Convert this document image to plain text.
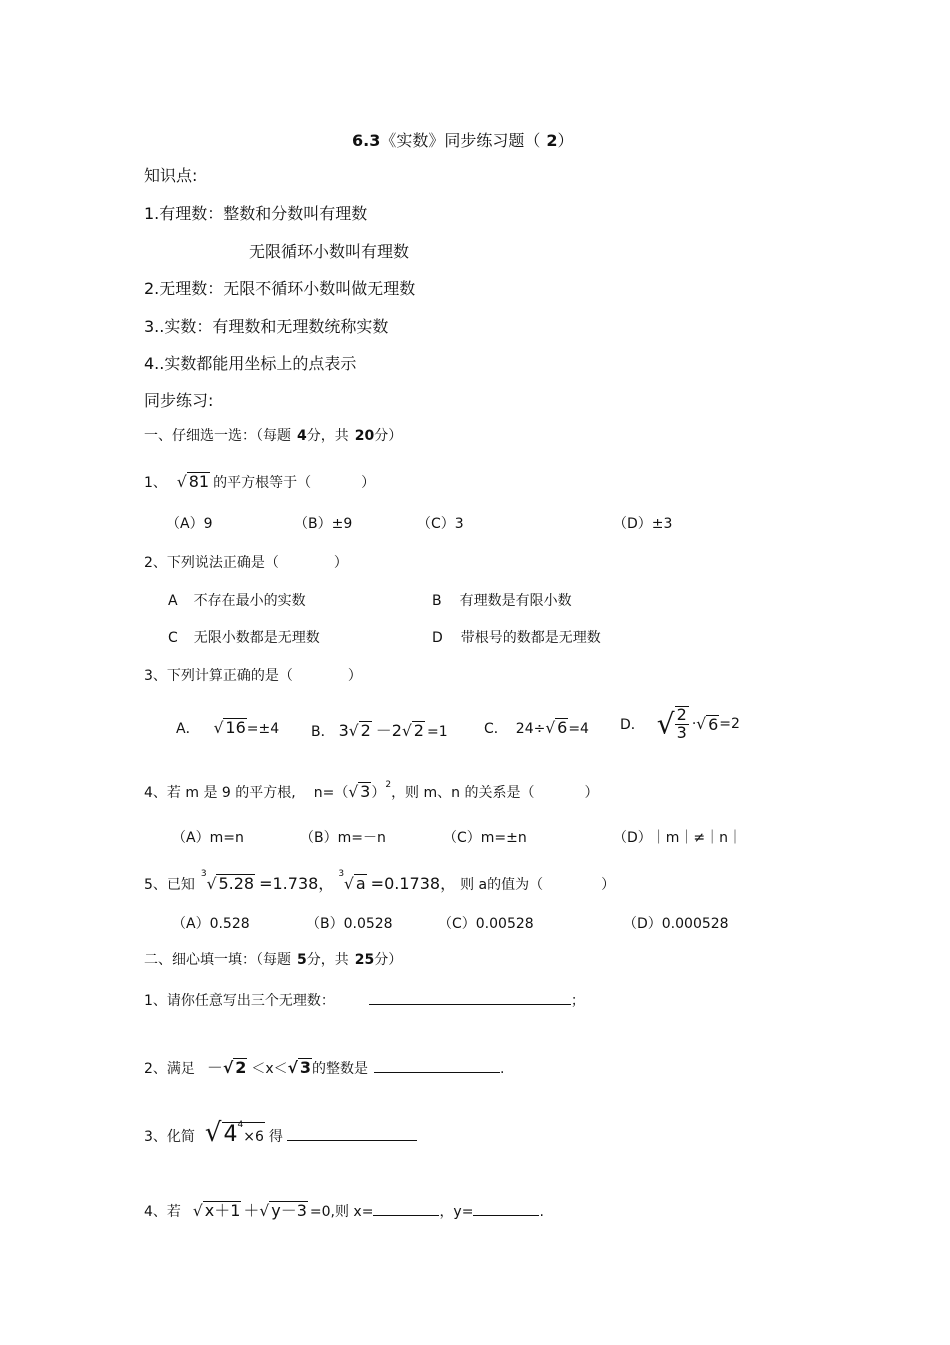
6.3《实数》同步练习题（ 2）
知识点:
1.有理数：整数和分数叫有理数
无限循环小数叫有理数
2.无理数：无限不循环小数叫做无理数
3..实数：有理数和无理数统称实数
4..实数都能用坐标上的点表示
同步练习:
一、仔细选一选：（每题 4分，共 20分）
1、 √ 81 的平方根等于（	）
（A）9	（B）±9	（C）3	（D）±3
2、下列说法正确是（	）
A 不存在最小的实数	B 有理数是有限小数
C 无限小数都是无理数	D 带根号的数都是无理数
3、下列计算正确的是（	）
A． √ 16=±4 B． 3√ 2 －2√ 2 =1	C． 24÷√ 6=4 D． √ $\frac{2}{3}$ ·√ 6=2
4、若 m 是 9 的平方根, n=（√ 3）$^2$，则 m、n 的关系是（	）
（A）m=n	（B）m=－n	（C）m=±n	（D）｜m｜≠｜n｜
5、已知$^3$√ 5.28 =1.738， $^3$√ a =0.1738， 则 a的值为（	）
（A）0.528	（B）0.0528	（C）0.00528	（D）0.000528
二、细心填一填：（每题 5分，共 25分）
1、请你任意写出三个无理数：	；
2、满足 －√ 2 ＜x＜√ 3的整数是	.
3、化简 $√4^4\times 6$ 得
4、若 √ x＋1 ＋√ y－3 =0,则 x=	，y=	.
